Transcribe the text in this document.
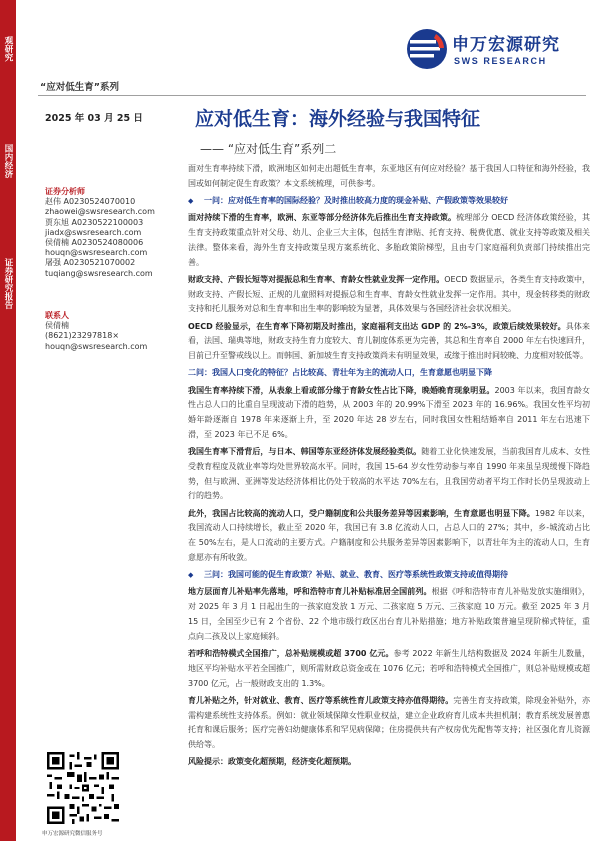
观研究
国内经济
证券研究报告
申万宏源研究
SWS RESEARCH
“应对低生育”系列
2025 年 03 月 25 日	应对低生育：海外经验与我国特征
—— “应对低生育”系列二
证券分析师
赵伟 A0230524070010
zhaowei@swsresearch.com
贾东旭 A0230522100003
jiadx@swsresearch.com
侯倩楠 A0230524080006
houqn@swsresearch.com
屠强 A0230521070002
tuqiang@swsresearch.com
联系人
侯倩楠
(8621)23297818×
houqn@swsresearch.com
申万宏源研究微信服务号
面对生育率持续下滑，欧洲地区如何走出超低生育率，东亚地区有何应对经验？基于我国人口特征和海外经验，我国或如何制定促生育政策？本文系统梳理，可供参考。
◆ 一问：应对低生育率的国际经验？及时推出较高力度的现金补贴、产假政策等效果较好
面对持续下滑的生育率，欧洲、东亚等部分经济体先后推出生育支持政策。梳理部分 OECD 经济体政策经验，其生育支持政策重点针对父母、幼儿、企业三大主体，包括生育津贴、托育支持、税费优惠、就业支持等政策及相关法律。整体来看，海外生育支持政策呈现方案系统化、多胎政策阶梯型，且由专门家庭福利负责部门持续推出完善。
财政支持、产假长短等对提振总和生育率、育龄女性就业发挥一定作用。OECD 数据显示，各类生育支持政策中，财政支持、产假长短、正规的儿童照料对提振总和生育率、育龄女性就业发挥一定作用。其中，现金转移类的财政支持和托儿服务对总和生育率和出生率的影响较为显著，具体效果与各国经济社会状况相关。
OECD 经验显示，在生育率下降初期及时推出，家庭福利支出达 GDP 的 2%-3%，政策后续效果较好。具体来看，法国、瑞典等地，财政支持生育力度较大、育儿制度体系更为完善，其总和生育率自 2000 年左右快速回升，目前已升至警戒线以上。而韩国、新加坡生育支持政策尚未有明显效果，或缘于推出时间较晚、力度相对较低等。
二问：我国人口变化的特征？占比较高、青壮年为主的流动人口，生育意愿也明显下降
我国生育率持续下滑，从表象上看或部分缘于育龄女性占比下降，晚婚晚育现象明显。2003 年以来，我国育龄女性占总人口的比重自呈现波动下滑的趋势，从 2003 年的 20.99%下滑至 2023 年的 16.96%。我国女性平均初婚年龄逐渐自 1978 年来逐渐上升，至 2020 年达 28 岁左右，同时我国女性粗结婚率自 2011 年左右迅速下滑，至 2023 年已不足 6%。
我国生育率下滑背后，与日本、韩国等东亚经济体发展经验类似。随着工业化快速发展，当前我国育儿成本、女性受教育程度及就业率等均处世界较高水平。同时，我国 15-64 岁女性劳动参与率自 1990 年来虽呈现缓慢下降趋势，但与欧洲、亚洲等发达经济体相比仍处于较高的水平达 70%左右，且我国劳动者平均工作时长仍呈现波动上行的趋势。
此外，我国占比较高的流动人口，受户籍制度和公共服务差异等因素影响，生育意愿也明显下降。1982 年以来，我国流动人口持续增长，截止至 2020 年，我国已有 3.8 亿流动人口，占总人口的 27%；其中，乡-城流动占比在 50%左右，是人口流动的主要方式。户籍制度和公共服务差异等因素影响下，以青壮年为主的流动人口，生育意愿亦有所收敛。
◆ 三问：我国可能的促生育政策？补贴、就业、教育、医疗等系统性政策支持或值得期待
地方层面育儿补贴率先落地，呼和浩特市育儿补贴标准居全国前列。根据《呼和浩特市育儿补贴发放实施细则》，对 2025 年 3 月 1 日起出生的一孩家庭发放 1 万元、二孩家庭 5 万元、三孩家庭 10 万元。截至 2025 年 3 月 15 日，全国至少已有 2 个省份、22 个地市级行政区出台育儿补贴措施；地方补贴政策普遍呈现阶梯式特征，重点向二孩及以上家庭倾斜。
若呼和浩特模式全国推广，总补贴规模或超 3700 亿元。参考 2022 年新生儿结构数据及 2024 年新生儿数量，地区平均补贴水平若全国推广，则所需财政总资金或在 1076 亿元；若呼和浩特模式全国推广，则总补贴规模或超 3700 亿元，占一般财政支出的 1.3%。
育儿补贴之外，针对就业、教育、医疗等系统性育儿政策支持亦值得期待。完善生育支持政策，除现金补贴外，亦需构建系统性支持体系。例如：就业领域保障女性职业权益，建立企业政府育儿成本共担机制；教育系统发展普惠托育和课后服务；医疗完善妇幼健康体系和罕见病保障；住房提供共有产权房优先配售等支持；社区强化育儿资源供给等。
风险提示：政策变化超预期，经济变化超预期。
